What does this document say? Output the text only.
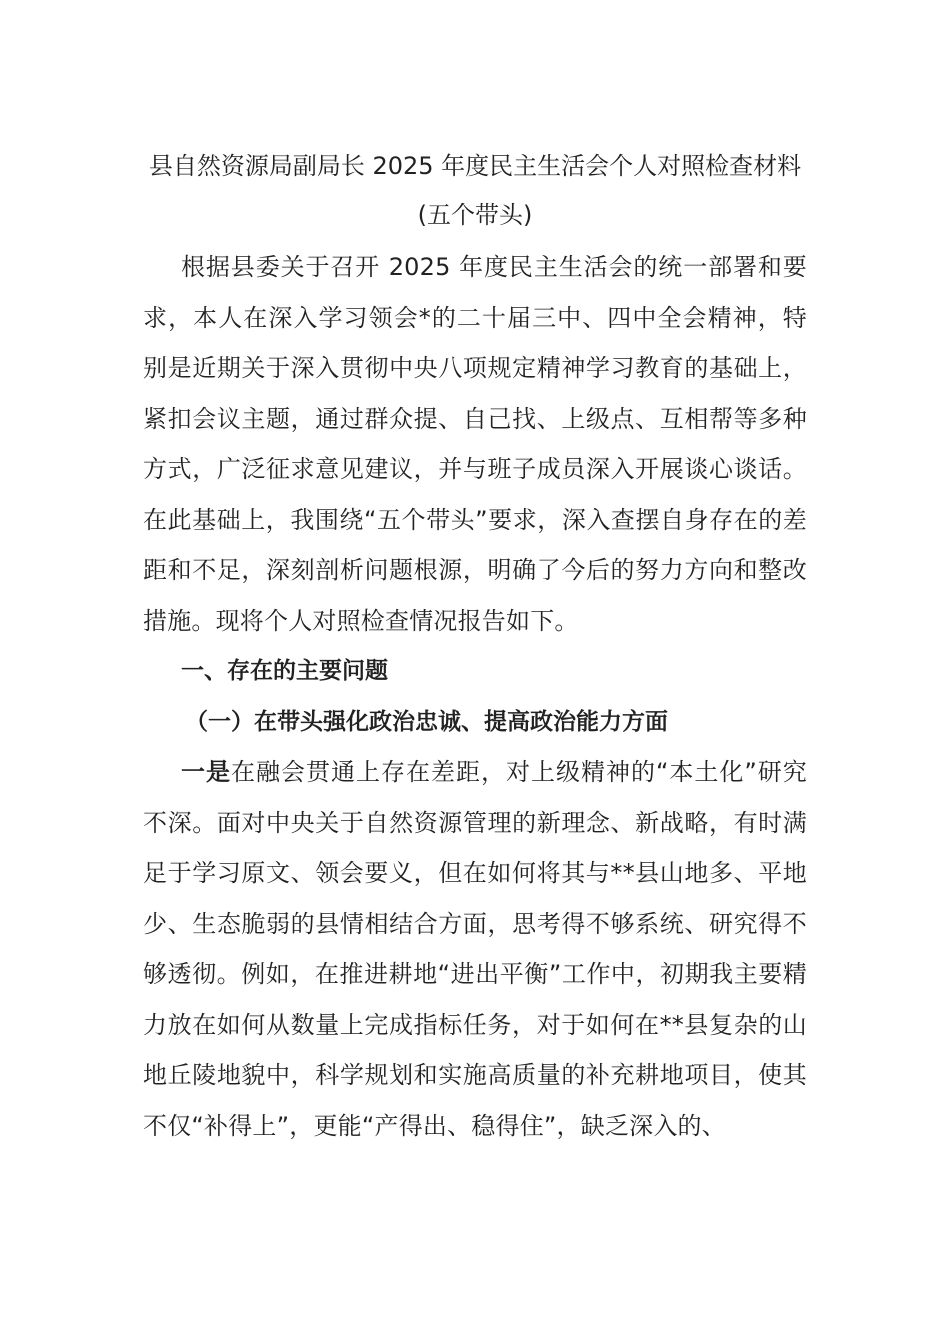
县自然资源局副局长 2025 年度民主生活会个人对照检查材料

(五个带头)

根据县委关于召开 2025 年度民主生活会的统一部署和要求，本人在深入学习领会*的二十届三中、四中全会精神，特别是近期关于深入贯彻中央八项规定精神学习教育的基础上，紧扣会议主题，通过群众提、自己找、上级点、互相帮等多种方式，广泛征求意见建议，并与班子成员深入开展谈心谈话。在此基础上，我围绕“五个带头”要求，深入查摆自身存在的差距和不足，深刻剖析问题根源，明确了今后的努力方向和整改措施。现将个人对照检查情况报告如下。

一、存在的主要问题

（一）在带头强化政治忠诚、提高政治能力方面

一是在融会贯通上存在差距，对上级精神的“本土化”研究不深。面对中央关于自然资源管理的新理念、新战略，有时满足于学习原文、领会要义，但在如何将其与**县山地多、平地少、生态脆弱的县情相结合方面，思考得不够系统、研究得不够透彻。例如，在推进耕地“进出平衡”工作中，初期我主要精力放在如何从数量上完成指标任务，对于如何在**县复杂的山地丘陵地貌中，科学规划和实施高质量的补充耕地项目，使其不仅“补得上”，更能“产得出、稳得住”，缺乏深入的、
